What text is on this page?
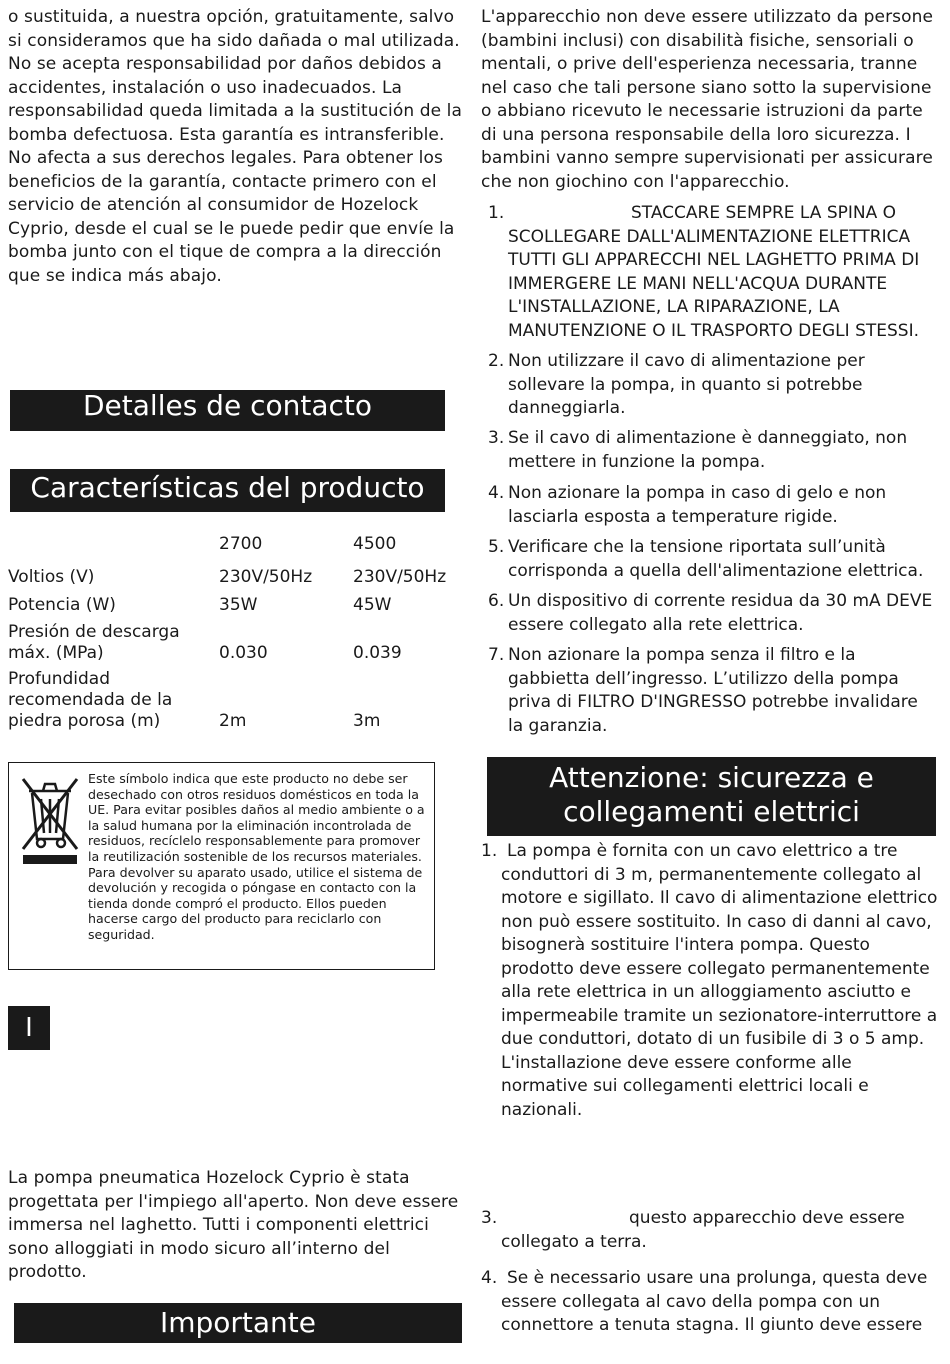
o sustituida, a nuestra opción, gratuitamente, salvo si consideramos que ha sido dañada o mal utilizada. No se acepta responsabilidad por daños debidos a accidentes, instalación o uso inadecuados. La responsabilidad queda limitada a la sustitución de la bomba defectuosa. Esta garantía es intransferible. No afecta a sus derechos legales. Para obtener los beneficios de la garantía, contacte primero con el servicio de atención al consumidor de Hozelock Cyprio, desde el cual se le puede pedir que envíe la bomba junto con el tique de compra a la dirección que se indica más abajo.

Detalles de contacto
Características del producto
2700	4500
Voltios (V)	230V/50Hz 230V/50Hz
Potencia (W)	35W	45W
Presión de descarga
máx. (MPa)	0.030	0.039
Profundidad
recomendada de la
piedra porosa (m)	2m	3m
Este símbolo indica que este producto no debe ser desechado con otros residuos domésticos en toda la UE. Para evitar posibles daños al medio ambiente o a la salud humana por la eliminación incontrolada de residuos, recíclelo responsablemente para promover la reutilización sostenible de los recursos materiales. Para devolver su aparato usado, utilice el sistema de devolución y recogida o póngase en contacto con la tienda donde compró el producto. Ellos pueden hacerse cargo del producto para reciclarlo con seguridad.
I

La pompa pneumatica Hozelock Cyprio è stata progettata per l'impiego all'aperto. Non deve essere immersa nel laghetto. Tutti i componenti elettrici sono alloggiati in modo sicuro all’interno del prodotto.

Importante

L'apparecchio non deve essere utilizzato da persone (bambini inclusi) con disabilità fisiche, sensoriali o mentali, o prive dell'esperienza necessaria, tranne nel caso che tali persone siano sotto la supervisione o abbiano ricevuto le necessarie istruzioni da parte di una persona responsabile della loro sicurezza. I bambini vanno sempre supervisionati per assicurare che non giochino con l'apparecchio.

1.	STACCARE SEMPRE LA SPINA O SCOLLEGARE DALL'ALIMENTAZIONE ELETTRICA TUTTI GLI APPARECCHI NEL LAGHETTO PRIMA DI IMMERGERE LE MANI NELL'ACQUA DURANTE L'INSTALLAZIONE, LA RIPARAZIONE, LA MANUTENZIONE O IL TRASPORTO DEGLI STESSI.
2. Non utilizzare il cavo di alimentazione per sollevare la pompa, in quanto si potrebbe danneggiarla.
3. Se il cavo di alimentazione è danneggiato, non mettere in funzione la pompa.
4. Non azionare la pompa in caso di gelo e non lasciarla esposta a temperature rigide.
5. Verificare che la tensione riportata sull’unità corrisponda a quella dell'alimentazione elettrica.
6. Un dispositivo di corrente residua da 30 mA DEVE essere collegato alla rete elettrica.
7. Non azionare la pompa senza il filtro e la gabbietta dell’ingresso. L’utilizzo della pompa priva di FILTRO D'INGRESSO potrebbe invalidare la garanzia.
Attenzione: sicurezza e
collegamenti elettrici
1. La pompa è fornita con un cavo elettrico a tre conduttori di 3 m, permanentemente collegato al motore e sigillato. Il cavo di alimentazione elettrico non può essere sostituito. In caso di danni al cavo, bisognerà sostituire l'intera pompa. Questo prodotto deve essere collegato permanentemente alla rete elettrica in un alloggiamento asciutto e impermeabile tramite un sezionatore-interruttore a due conduttori, dotato di un fusibile di 3 o 5 amp. L'installazione deve essere conforme alle normative sui collegamenti elettrici locali e nazionali.
3.	questo apparecchio deve essere collegato a terra.
4. Se è necessario usare una prolunga, questa deve essere collegata al cavo della pompa con un connettore a tenuta stagna. Il giunto deve essere
